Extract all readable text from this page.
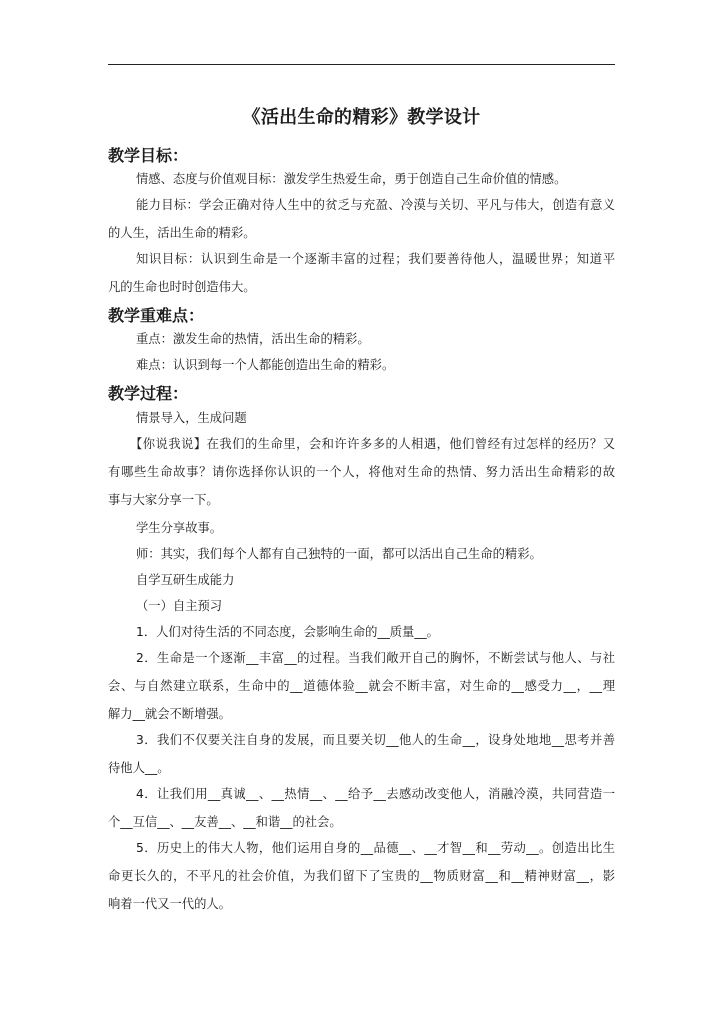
《活出生命的精彩》教学设计
教学目标：
情感、态度与价值观目标：激发学生热爱生命，勇于创造自己生命价值的情感。
能力目标：学会正确对待人生中的贫乏与充盈、冷漠与关切、平凡与伟大，创造有意义
的人生，活出生命的精彩。
知识目标：认识到生命是一个逐渐丰富的过程；我们要善待他人，温暖世界；知道平
凡的生命也时时创造伟大。
教学重难点：
重点：激发生命的热情，活出生命的精彩。
难点：认识到每一个人都能创造出生命的精彩。
教学过程：
情景导入，生成问题
【你说我说】在我们的生命里，会和许许多多的人相遇，他们曾经有过怎样的经历？又
有哪些生命故事？请你选择你认识的一个人，将他对生命的热情、努力活出生命精彩的故
事与大家分享一下。
学生分享故事。
师：其实，我们每个人都有自己独特的一面，都可以活出自己生命的精彩。
自学互研生成能力
（一）自主预习
1．人们对待生活的不同态度，会影响生命的__质量__。
2．生命是一个逐渐__丰富__的过程。当我们敞开自己的胸怀，不断尝试与他人、与社
会、与自然建立联系，生命中的__道德体验__就会不断丰富，对生命的__感受力__，__理
解力__就会不断增强。
3．我们不仅要关注自身的发展，而且要关切__他人的生命__，设身处地地__思考并善
待他人__。
4．让我们用__真诚__、__热情__、__给予__去感动改变他人，消融冷漠，共同营造一
个__互信__、__友善__、__和谐__的社会。
5．历史上的伟大人物，他们运用自身的__品德__、__才智__和__劳动__。创造出比生
命更长久的，不平凡的社会价值，为我们留下了宝贵的__物质财富__和__精神财富__，影
响着一代又一代的人。
